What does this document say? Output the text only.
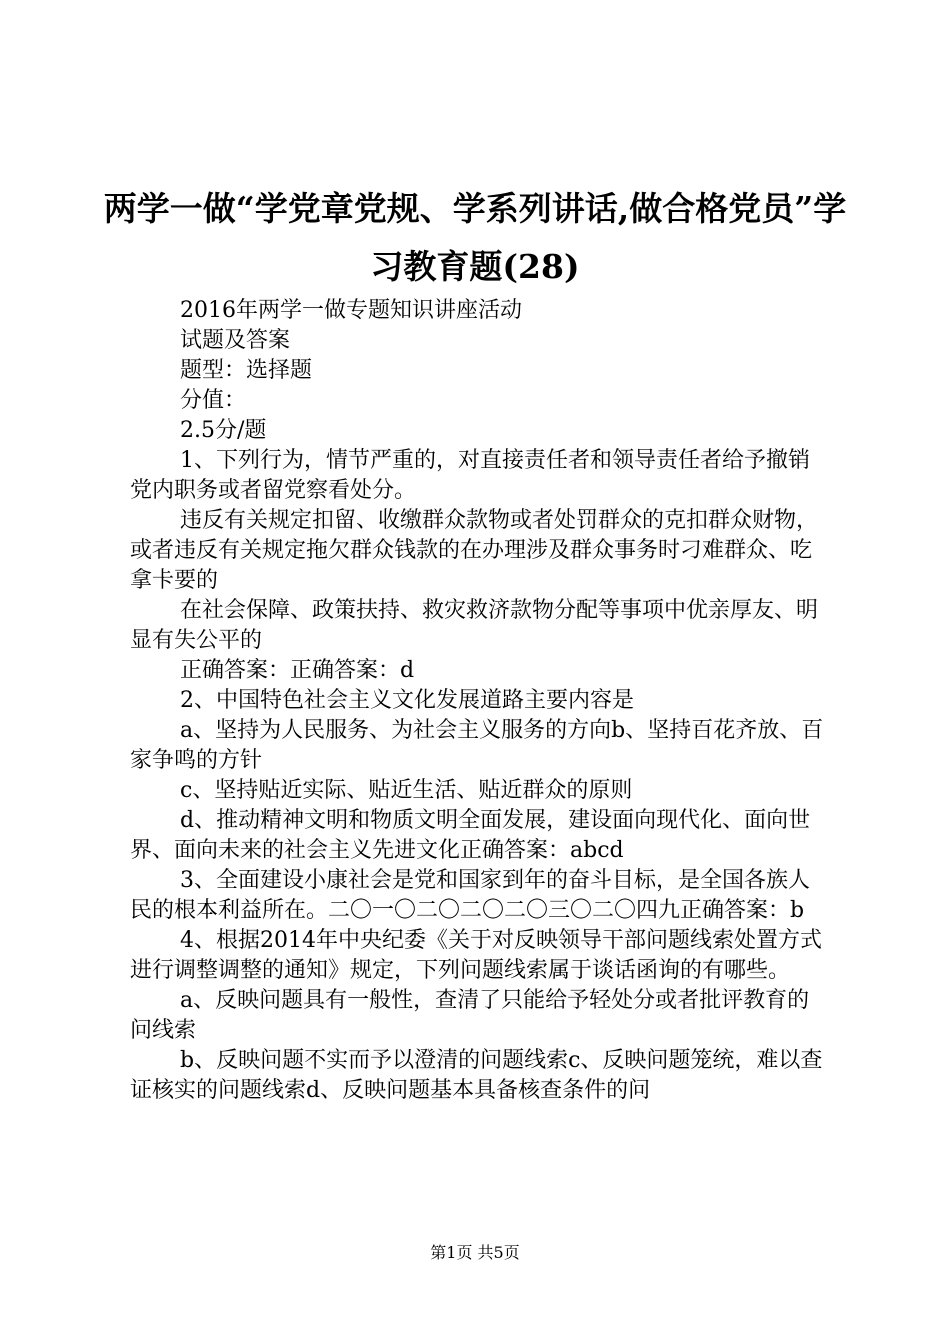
两学一做“学党章党规、学系列讲话,做合格党员”学习教育题(28)

2016年两学一做专题知识讲座活动

试题及答案

题型：选择题

分值：

2.5分/题

1、下列行为，情节严重的，对直接责任者和领导责任者给予撤销党内职务或者留党察看处分。

违反有关规定扣留、收缴群众款物或者处罚群众的克扣群众财物，或者违反有关规定拖欠群众钱款的在办理涉及群众事务时刁难群众、吃拿卡要的

在社会保障、政策扶持、救灾救济款物分配等事项中优亲厚友、明显有失公平的

正确答案：正确答案：d

2、中国特色社会主义文化发展道路主要内容是

a、坚持为人民服务、为社会主义服务的方向b、坚持百花齐放、百家争鸣的方针

c、坚持贴近实际、贴近生活、贴近群众的原则

d、推动精神文明和物质文明全面发展，建设面向现代化、面向世界、面向未来的社会主义先进文化正确答案：abcd

3、全面建设小康社会是党和国家到年的奋斗目标，是全国各族人民的根本利益所在。二〇一〇二〇二〇二〇三〇二〇四九正确答案：b

4、根据2014年中央纪委《关于对反映领导干部问题线索处置方式进行调整调整的通知》规定，下列问题线索属于谈话函询的有哪些。

a、反映问题具有一般性，查清了只能给予轻处分或者批评教育的问线索

b、反映问题不实而予以澄清的问题线索c、反映问题笼统，难以查证核实的问题线索d、反映问题基本具备核查条件的问

第1页 共5页
